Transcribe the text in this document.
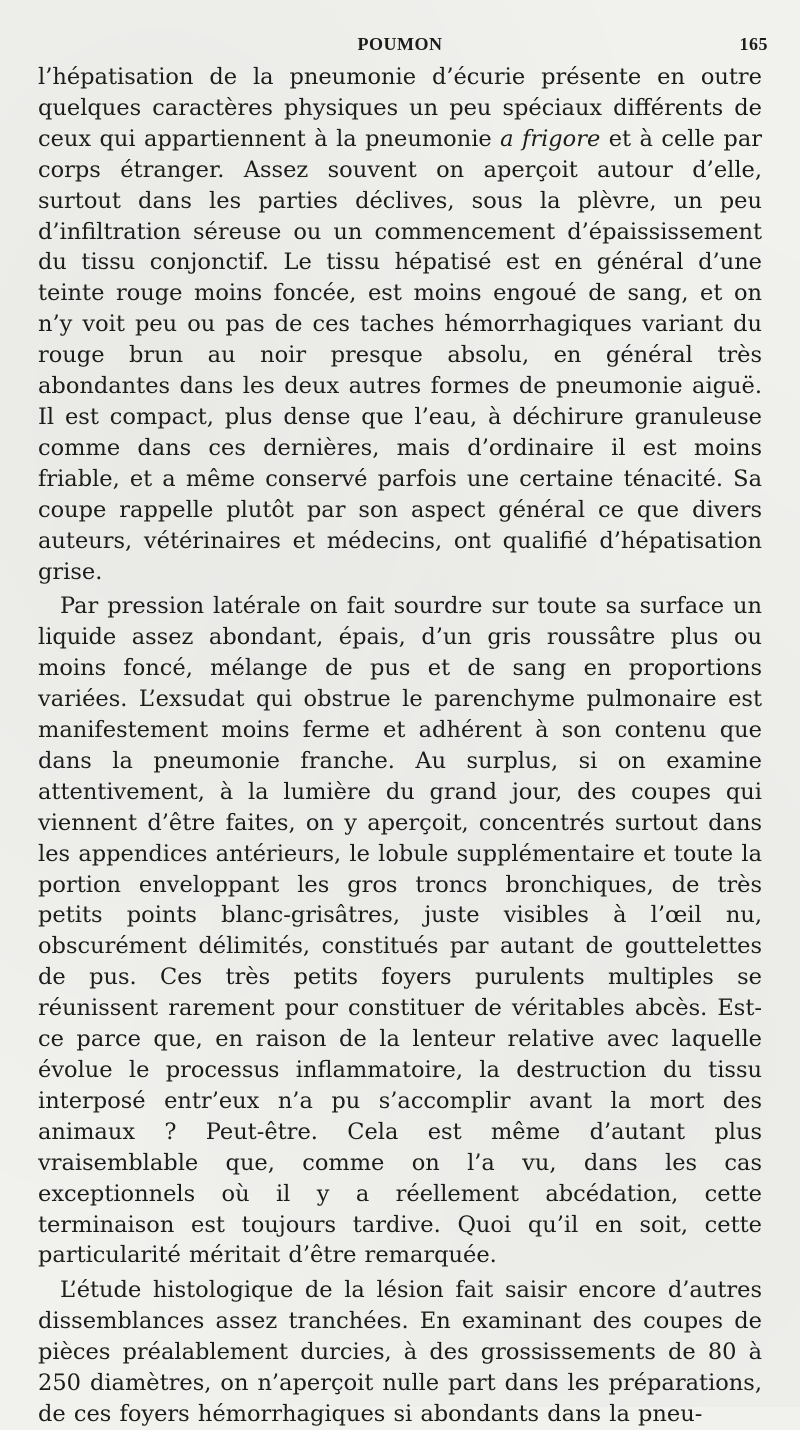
POUMON	165

l’hépatisation de la pneumonie d’écurie présente en outre quelques caractères physiques un peu spéciaux différents de ceux qui appartiennent à la pneumonie a frigore et à celle par corps étranger. Assez souvent on aperçoit autour d’elle, surtout dans les parties déclives, sous la plèvre, un peu d’infiltration séreuse ou un commencement d’épaississement du tissu conjonctif. Le tissu hépatisé est en général d’une teinte rouge moins foncée, est moins engoué de sang, et on n’y voit peu ou pas de ces taches hémorrhagiques variant du rouge brun au noir presque absolu, en général très abondantes dans les deux autres formes de pneumonie aiguë. Il est compact, plus dense que l’eau, à déchirure granuleuse comme dans ces dernières, mais d’ordinaire il est moins friable, et a même conservé parfois une certaine ténacité. Sa coupe rappelle plutôt par son aspect général ce que divers auteurs, vétérinaires et médecins, ont qualifié d’hépatisation grise.

Par pression latérale on fait sourdre sur toute sa surface un liquide assez abondant, épais, d’un gris roussâtre plus ou moins foncé, mélange de pus et de sang en proportions variées. L’exsudat qui obstrue le parenchyme pulmonaire est manifestement moins ferme et adhérent à son contenu que dans la pneumonie franche. Au surplus, si on examine attentivement, à la lumière du grand jour, des coupes qui viennent d’être faites, on y aperçoit, concentrés surtout dans les appendices antérieurs, le lobule supplémentaire et toute la portion enveloppant les gros troncs bronchiques, de très petits points blanc-grisâtres, juste visibles à l’œil nu, obscurément délimités, constitués par autant de gouttelettes de pus. Ces très petits foyers purulents multiples se réunissent rarement pour constituer de véritables abcès. Est-ce parce que, en raison de la lenteur relative avec laquelle évolue le processus inflammatoire, la destruction du tissu interposé entr’eux n’a pu s’accomplir avant la mort des animaux ? Peut-être. Cela est même d’autant plus vraisemblable que, comme on l’a vu, dans les cas exceptionnels où il y a réellement abcédation, cette terminaison est toujours tardive. Quoi qu’il en soit, cette particularité méritait d’être remarquée.

L’étude histologique de la lésion fait saisir encore d’autres dissemblances assez tranchées. En examinant des coupes de pièces préalablement durcies, à des grossissements de 80 à 250 diamètres, on n’aperçoit nulle part dans les préparations, de ces foyers hémorrhagiques si abondants dans la pneu-
